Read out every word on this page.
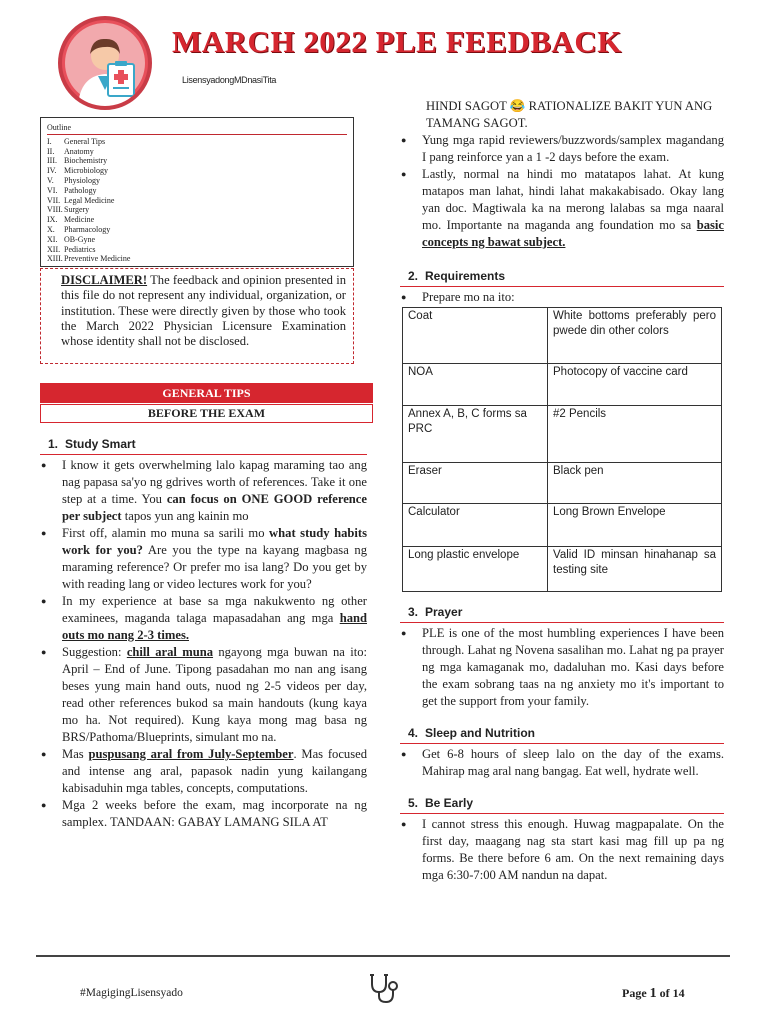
MARCH 2022 PLE FEEDBACK
LisensyadongMDnasiTita
Outline
I.	General Tips
II.	Anatomy
III. Biochemistry
IV. Microbiology
V.	Physiology
VI. Pathology
VII. Legal Medicine
VIII. Surgery
IX. Medicine
X.	Pharmacology
XI. OB-Gyne
XII. Pediatrics
XIII. Preventive Medicine
DISCLAIMER! The feedback and opinion presented in this file do not represent any individual, organization, or institution. These were directly given by those who took the March 2022 Physician Licensure Examination whose identity shall not be disclosed.
GENERAL TIPS
BEFORE THE EXAM
1. Study Smart
●	I know it gets overwhelming lalo kapag maraming tao ang nag papasa sa'yo ng gdrives worth of references. Take it one step at a time. You can focus on ONE GOOD reference per subject tapos yun ang kainin mo
●	First off, alamin mo muna sa sarili mo what study habits work for you? Are you the type na kayang magbasa ng maraming reference? Or prefer mo isa lang? Do you get by with reading lang or video lectures work for you?
●	In my experience at base sa mga nakukwento ng other examinees, maganda talaga mapasadahan ang mga hand outs mo nang 2-3 times.
●	Suggestion: chill aral muna ngayong mga buwan na ito: April – End of June. Tipong pasadahan mo nan ang isang beses yung main hand outs, nuod ng 2-5 videos per day, read other references bukod sa main handouts (kung kaya mo ha. Not required). Kung kaya mong mag basa ng BRS/Pathoma/Blueprints, simulant mo na.
●	Mas puspusang aral from July-September. Mas focused and intense ang aral, papasok nadin yung kailangang kabisaduhin mga tables, concepts, computations.
●	Mga 2 weeks before the exam, mag incorporate na ng samplex. TANDAAN: GABAY LAMANG SILA AT
HINDI SAGOT 😂 RATIONALIZE BAKIT YUN ANG TAMANG SAGOT.
●	Yung mga rapid reviewers/buzzwords/samplex magandang I pang reinforce yan a 1 -2 days before the exam.
●	Lastly, normal na hindi mo matatapos lahat. At kung matapos man lahat, hindi lahat makakabisado. Okay lang yan doc. Magtiwala ka na merong lalabas sa mga naaral mo. Importante na maganda ang foundation mo sa basic concepts ng bawat subject.
2. Requirements
●	Prepare mo na ito:
Coat	White bottoms preferably pero pwede din other colors
NOA	Photocopy of vaccine card
Annex A, B, C forms sa PRC	#2 Pencils
Eraser	Black pen
Calculator	Long Brown Envelope
Long plastic envelope	Valid ID minsan hinahanap sa testing site
3. Prayer
●	PLE is one of the most humbling experiences I have been through. Lahat ng Novena sasalihan mo. Lahat ng pa prayer ng mga kamaganak mo, dadaluhan mo. Kasi days before the exam sobrang taas na ng anxiety mo it's important to get the support from your family.
4. Sleep and Nutrition
●	Get 6-8 hours of sleep lalo on the day of the exams. Mahirap mag aral nang bangag. Eat well, hydrate well.
5. Be Early
●	I cannot stress this enough. Huwag magpapalate. On the first day, maagang nag sta start kasi mag fill up pa ng forms. Be there before 6 am. On the next remaining days mga 6:30-7:00 AM nandun na dapat.
#MagigingLisensyado	Page 1 of 14
